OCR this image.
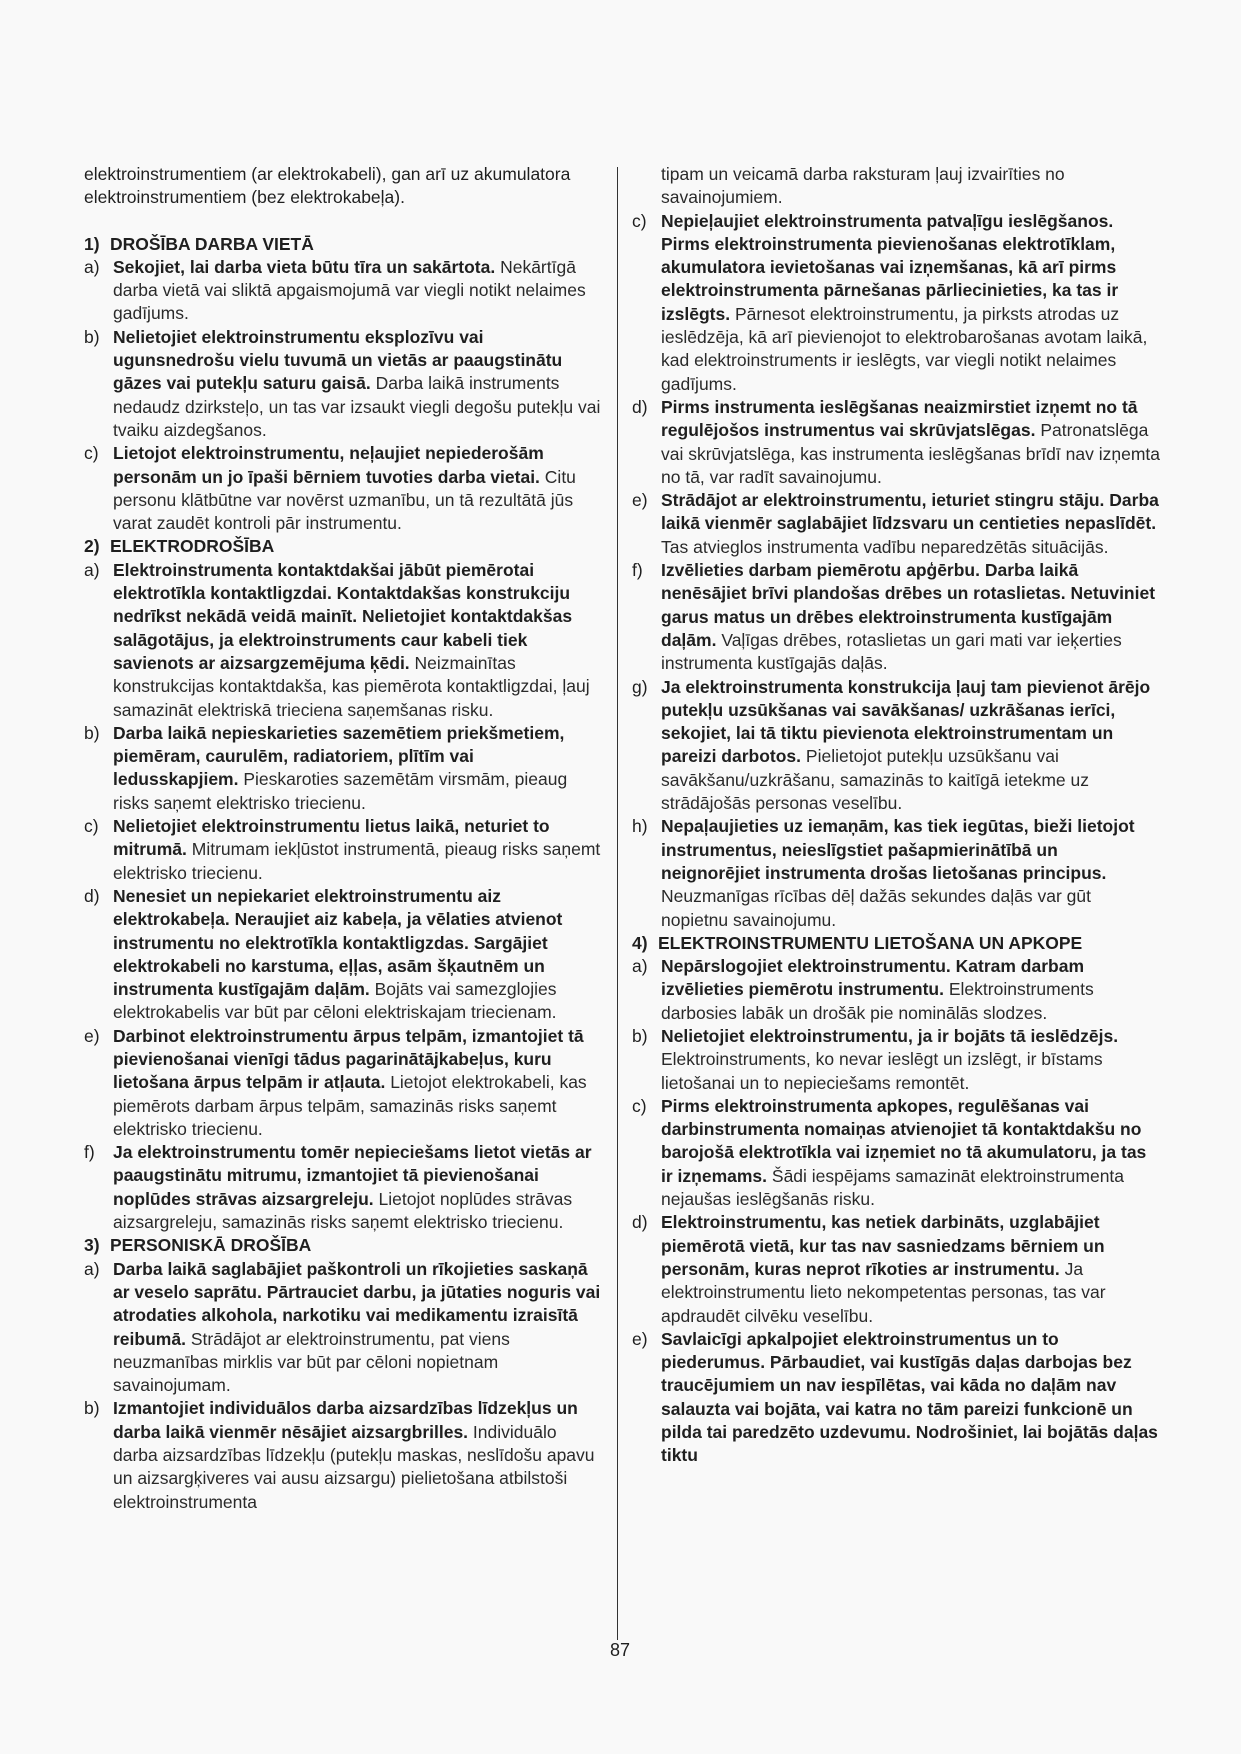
elektroinstrumentiem (ar elektrokabeli), gan arī uz akumulatora elektroinstrumentiem (bez elektrokabeļa).

1) DROŠĪBA DARBA VIETĀ

a) Sekojiet, lai darba vieta būtu tīra un sakārtota. Nekārtīgā darba vietā vai sliktā apgaismojumā var viegli notikt nelaimes gadījums.
b) Nelietojiet elektroinstrumentu eksplozīvu vai ugunsnedrošu vielu tuvumā un vietās ar paaugstinātu gāzes vai putekļu saturu gaisā. Darba laikā instruments nedaudz dzirksteļo, un tas var izsaukt viegli degošu putekļu vai tvaiku aizdegšanos.
c) Lietojot elektroinstrumentu, neļaujiet nepiederošām personām un jo īpaši bērniem tuvoties darba vietai. Citu personu klātbūtne var novērst uzmanību, un tā rezultātā jūs varat zaudēt kontroli pār instrumentu.

2) ELEKTRODROŠĪBA

a) Elektroinstrumenta kontaktdakšai jābūt piemērotai elektrotīkla kontaktligzdai. Kontaktdakšas konstrukciju nedrīkst nekādā veidā mainīt. Nelietojiet kontaktdakšas salāgotājus, ja elektroinstruments caur kabeli tiek savienots ar aizsargzemējuma ķēdi. Neizmainītas konstrukcijas kontaktdakša, kas piemērota kontaktligzdai, ļauj samazināt elektriskā trieciena saņemšanas risku.
b) Darba laikā nepieskarieties sazemētiem priekšmetiem, piemēram, caurulēm, radiatoriem, plītīm vai ledusskapjiem. Pieskaroties sazemētām virsmām, pieaug risks saņemt elektrisko triecienu.
c) Nelietojiet elektroinstrumentu lietus laikā, neturiet to mitrumā. Mitrumam iekļūstot instrumentā, pieaug risks saņemt elektrisko triecienu.
d) Nenesiet un nepiekariet elektroinstrumentu aiz elektrokabeļa. Neraujiet aiz kabeļa, ja vēlaties atvienot instrumentu no elektrotīkla kontaktligzdas. Sargājiet elektrokabeli no karstuma, eļļas, asām šķautnēm un instrumenta kustīgajām daļām. Bojāts vai samezglojies elektrokabelis var būt par cēloni elektriskajam triecienam.
e) Darbinot elektroinstrumentu ārpus telpām, izmantojiet tā pievienošanai vienīgi tādus pagarinātājkabeļus, kuru lietošana ārpus telpām ir atļauta. Lietojot elektrokabeli, kas piemērots darbam ārpus telpām, samazinās risks saņemt elektrisko triecienu.
f) Ja elektroinstrumentu tomēr nepieciešams lietot vietās ar paaugstinātu mitrumu, izmantojiet tā pievienošanai noplūdes strāvas aizsargreleju. Lietojot noplūdes strāvas aizsargreleju, samazinās risks saņemt elektrisko triecienu.

3) PERSONISKĀ DROŠĪBA

a) Darba laikā saglabājiet paškontroli un rīkojieties saskaņā ar veselo saprātu. Pārtrauciet darbu, ja jūtaties noguris vai atrodaties alkohola, narkotiku vai medikamentu izraisītā reibumā. Strādājot ar elektroinstrumentu, pat viens neuzmanības mirklis var būt par cēloni nopietnam savainojumam.
b) Izmantojiet individuālos darba aizsardzības līdzekļus un darba laikā vienmēr nēsājiet aizsargbrilles. Individuālo darba aizsardzības līdzekļu (putekļu maskas, neslīdošu apavu un aizsargķiveres vai ausu aizsargu) pielietošana atbilstoši elektroinstrumenta
tipam un veicamā darba raksturam ļauj izvairīties no savainojumiem.
c) Nepieļaujiet elektroinstrumenta patvaļīgu ieslēgšanos. Pirms elektroinstrumenta pievienošanas elektrotīklam, akumulatora ievietošanas vai izņemšanas, kā arī pirms elektroinstrumenta pārnešanas pārliecinieties, ka tas ir izslēgts. Pārnesot elektroinstrumentu, ja pirksts atrodas uz ieslēdzēja, kā arī pievienojot to elektrobarošanas avotam laikā, kad elektroinstruments ir ieslēgts, var viegli notikt nelaimes gadījums.
d) Pirms instrumenta ieslēgšanas neaizmirstiet izņemt no tā regulējošos instrumentus vai skrūvjatslēgas. Patronatslēga vai skrūvjatslēga, kas instrumenta ieslēgšanas brīdī nav izņemta no tā, var radīt savainojumu.
e) Strādājot ar elektroinstrumentu, ieturiet stingru stāju. Darba laikā vienmēr saglabājiet līdzsvaru un centieties nepaslīdēt. Tas atvieglos instrumenta vadību neparedzētās situācijās.
f) Izvēlieties darbam piemērotu apģērbu. Darba laikā nenēsājiet brīvi plandošas drēbes un rotaslietas. Netuviniet garus matus un drēbes elektroinstrumenta kustīgajām daļām. Vaļīgas drēbes, rotaslietas un gari mati var ieķerties instrumenta kustīgajās daļās.
g) Ja elektroinstrumenta konstrukcija ļauj tam pievienot ārējo putekļu uzsūkšanas vai savākšanas/ uzkrāšanas ierīci, sekojiet, lai tā tiktu pievienota elektroinstrumentam un pareizi darbotos. Pielietojot putekļu uzsūkšanu vai savākšanu/uzkrāšanu, samazinās to kaitīgā ietekme uz strādājošās personas veselību.
h) Nepaļaujieties uz iemaņām, kas tiek iegūtas, bieži lietojot instrumentus, neieslīgstiet pašapmierinātībā un neignorējiet instrumenta drošas lietošanas principus. Neuzmanīgas rīcības dēļ dažās sekundes daļās var gūt nopietnu savainojumu.

4) ELEKTROINSTRUMENTU LIETOŠANA UN APKOPE

a) Nepārslogojiet elektroinstrumentu. Katram darbam izvēlieties piemērotu instrumentu. Elektroinstruments darbosies labāk un drošāk pie nominālās slodzes.
b) Nelietojiet elektroinstrumentu, ja ir bojāts tā ieslēdzējs. Elektroinstruments, ko nevar ieslēgt un izslēgt, ir bīstams lietošanai un to nepieciešams remontēt.
c) Pirms elektroinstrumenta apkopes, regulēšanas vai darbinstrumenta nomaiņas atvienojiet tā kontaktdakšu no barojošā elektrotīkla vai izņemiet no tā akumulatoru, ja tas ir izņemams. Šādi iespējams samazināt elektroinstrumenta nejaušas ieslēgšanās risku.
d) Elektroinstrumentu, kas netiek darbināts, uzglabājiet piemērotā vietā, kur tas nav sasniedzams bērniem un personām, kuras neprot rīkoties ar instrumentu. Ja elektroinstrumentu lieto nekompetentas personas, tas var apdraudēt cilvēku veselību.
e) Savlaicīgi apkalpojiet elektroinstrumentus un to piederumus. Pārbaudiet, vai kustīgās daļas darbojas bez traucējumiem un nav iespīlētas, vai kāda no daļām nav salauzta vai bojāta, vai katra no tām pareizi funkcionē un pilda tai paredzēto uzdevumu. Nodrošiniet, lai bojātās daļas tiktu
87
